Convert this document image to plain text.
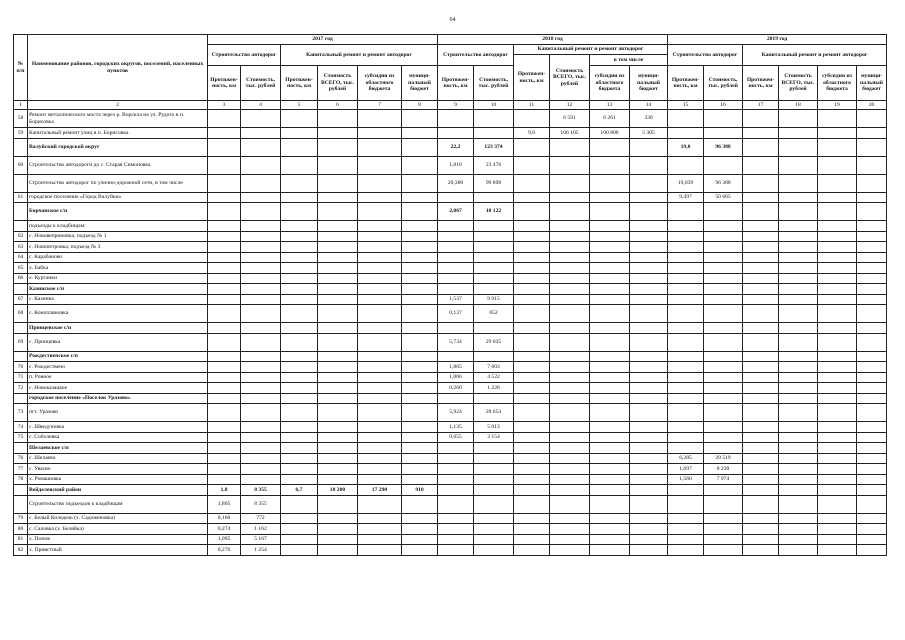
64
№ п/п	Наименование районов, городских округов, поселений, населенных пунктов	2017 год						2018 год						2019 год					
		Строительство автодорог		Капитальный ремонт и ремонт автодорог				Строительство автодорог		Капитальный ремонт и ремонт автодорог				Строительство автодорог		Капитальный ремонт и ремонт автодорог			
										Протяжен-ность, км	Стоимость ВСЕГО, тыс. рублей	в том числе							
		Протяжен-ность, км	Стоимость, тыс. рублей	Протяжен-ность, км	Стоимость ВСЕГО, тыс. рублей	субсидии из областного бюджета	муници-пальный бюджет	Протяжен-ность, км	Стоимость, тыс. рублей			субсидии из областного бюджета	муници-пальный бюджет	Протяжен-ность, км	Стоимость, тыс. рублей	Протяжен-ность, км	Стоимость ВСЕГО, тыс. рублей	субсидии из областного бюджета	муници-пальный бюджет
1	2	3	4	5	6	7	8	9	10	11	12	13	14	15	16	17	18	19	20
58	Ремонт металлического моста через р. Ворскла на ул. Рудого в п. Борисовка										6 591	6 261	330						
59	Капитальный ремонт улиц в п. Борисовка									9,6	106 105	100 800	5 305						
	Валуйский городской округ							22,2	123 374					19,0	96 388				
60	Строительство автодороги до с. Старая Симоновка							1,810	23 476										
	Строительство автодорог по улично-дорожной сети, в том числе							20,380	99 898					19,039	96 388				
61	городское поселение «Город Валуйки»													9,497	50 665				
	Борчанское с/п							2,067	10 122										
	подъезды к кладбищам:																		
62	с. Нововеприновка, подъезд № 1																		
63	с. Новопетровка, подъезд № 3																		
64	с. Карабаново																		
65	х. Бабка																		
66	х. Курганки																		
	Казинское с/п																		
67	с. Казинка							1,537	9 915										
68	с. Конопляновка							0,137	652										
	Принцевское с/п																		
69	с. Принцевка							5,734	29 035										
	Рождественское с/п																		
70	с. Рождествено							1,865	7 603										
71	п. Ровное							1,066	4 522										
72	с. Новоказацкое							0,260	1 228										
	городское поселение «Поселок Уразово»																		
73	пгт. Уразово							5,924	28 654										
74	с. Шведуновка							1,135	5 013										
75	с. Соболевка							0,655	3 154										
	Шелаевское с/п																		
76	с. Шелаево													6,285	29 519				
77	с. Увасво													1,697	8 230				
78	х. Ромашовка													1,560	7 974				
	Вейделевский район	1,8	8 355	6,7	18 200	17 290	910												
	Строительство подъездов к кладбищам	1,805	8 355																
79	с. Белый Колодезь (х. Садоженовка)	0,160	772																
80	с. Саловка (х. Беляйка)	0,274	1 162																
81	х. Попов	1,095	5 167																
82	х. Привстный	0,276	1 254																
